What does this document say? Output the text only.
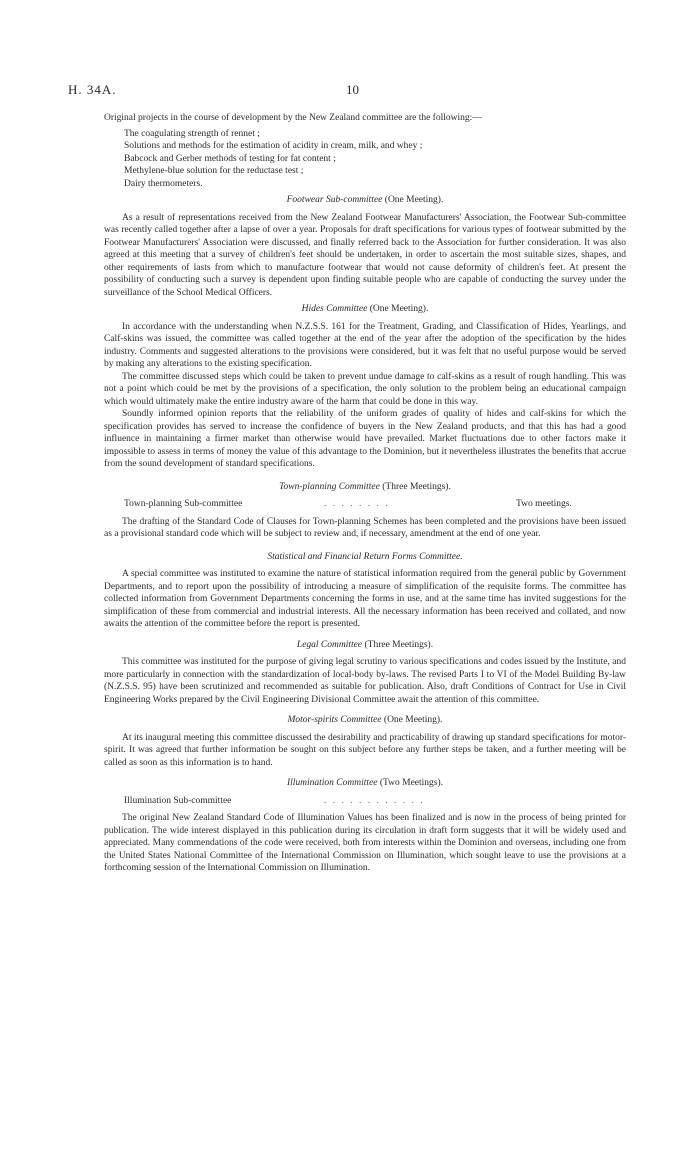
H. 34A.	10

Original projects in the course of development by the New Zealand committee are the following:—

The coagulating strength of rennet ;
Solutions and methods for the estimation of acidity in cream, milk, and whey ;
Babcock and Gerber methods of testing for fat content ;
Methylene-blue solution for the reductase test ;
Dairy thermometers.
Footwear Sub-committee (One Meeting).

As a result of representations received from the New Zealand Footwear Manufacturers' Association, the Footwear Sub-committee was recently called together after a lapse of over a year. Proposals for draft specifications for various types of footwear submitted by the Footwear Manufacturers' Association were discussed, and finally referred back to the Association for further consideration. It was also agreed at this meeting that a survey of children's feet should be undertaken, in order to ascertain the most suitable sizes, shapes, and other requirements of lasts from which to manufacture footwear that would not cause deformity of children's feet. At present the possibility of conducting such a survey is dependent upon finding suitable people who are capable of conducting the survey under the surveillance of the School Medical Officers.

Hides Committee (One Meeting).

In accordance with the understanding when N.Z.S.S. 161 for the Treatment, Grading, and Classification of Hides, Yearlings, and Calf-skins was issued, the committee was called together at the end of the year after the adoption of the specification by the hides industry. Comments and suggested alterations to the provisions were considered, but it was felt that no useful purpose would be served by making any alterations to the existing specification.

The committee discussed steps which could be taken to prevent undue damage to calf-skins as a result of rough handling. This was not a point which could be met by the provisions of a specification, the only solution to the problem being an educational campaign which would ultimately make the entire industry aware of the harm that could be done in this way.

Soundly informed opinion reports that the reliability of the uniform grades of quality of hides and calf-skins for which the specification provides has served to increase the confidence of buyers in the New Zealand products, and that this has had a good influence in maintaining a firmer market than otherwise would have prevailed. Market fluctuations due to other factors make it impossible to assess in terms of money the value of this advantage to the Dominion, but it nevertheless illustrates the benefits that accrue from the sound development of standard specifications.

Town-planning Committee (Three Meetings).
Town-planning Sub-committee	. . . . . . . .	Two meetings.

The drafting of the Standard Code of Clauses for Town-planning Schemes has been completed and the provisions have been issued as a provisional standard code which will be subject to review and, if necessary, amendment at the end of one year.

Statistical and Financial Return Forms Committee.

A special committee was instituted to examine the nature of statistical information required from the general public by Government Departments, and to report upon the possibility of introducing a measure of simplification of the requisite forms. The committee has collected information from Government Departments concerning the forms in use, and at the same time has invited suggestions for the simplification of these from commercial and industrial interests. All the necessary information has been received and collated, and now awaits the attention of the committee before the report is presented.

Legal Committee (Three Meetings).

This committee was instituted for the purpose of giving legal scrutiny to various specifications and codes issued by the Institute, and more particularly in connection with the standardization of local-body by-laws. The revised Parts I to VI of the Model Building By-law (N.Z.S.S. 95) have been scrutinized and recommended as suitable for publication. Also, draft Conditions of Contract for Use in Civil Engineering Works prepared by the Civil Engineering Divisional Committee await the attention of this committee.

Motor-spirits Committee (One Meeting).

At its inaugural meeting this committee discussed the desirability and practicability of drawing up standard specifications for motor-spirit. It was agreed that further information be sought on this subject before any further steps be taken, and a further meeting will be called as soon as this information is to hand.

Illumination Committee (Two Meetings).
Illumination Sub-committee	. . . . . . . . . . . .

The original New Zealand Standard Code of Illumination Values has been finalized and is now in the process of being printed for publication. The wide interest displayed in this publication during its circulation in draft form suggests that it will be widely used and appreciated. Many commendations of the code were received, both from interests within the Dominion and overseas, including one from the United States National Committee of the International Commission on Illumination, which sought leave to use the provisions at a forthcoming session of the International Commission on Illumination.
